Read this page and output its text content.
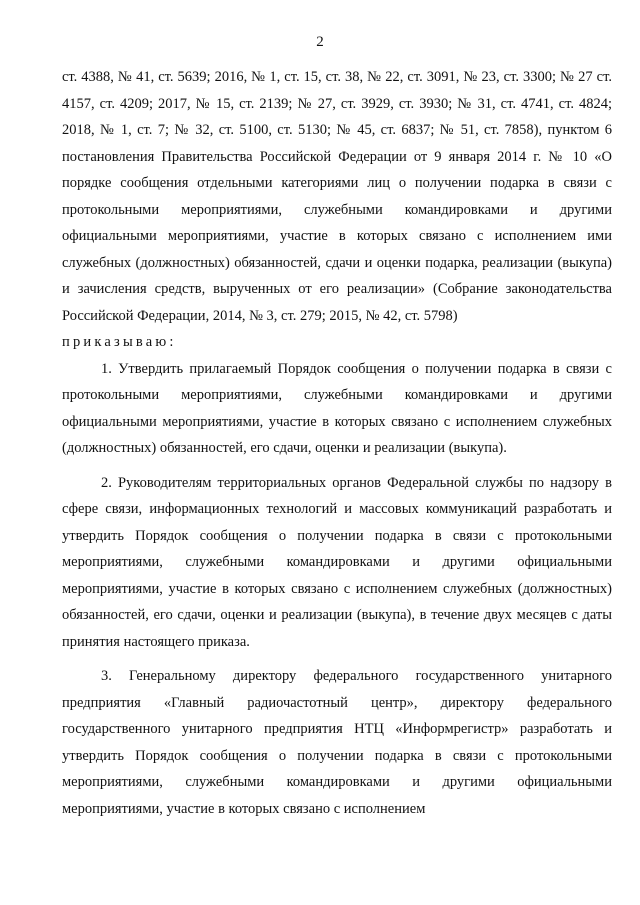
2

ст. 4388, № 41, ст. 5639; 2016, № 1, ст. 15, ст. 38, № 22, ст. 3091, № 23, ст. 3300; № 27 ст. 4157, ст. 4209; 2017, № 15, ст. 2139; № 27, ст. 3929, ст. 3930; № 31, ст. 4741, ст. 4824; 2018, № 1, ст. 7; № 32, ст. 5100, ст. 5130; № 45, ст. 6837; № 51, ст. 7858), пунктом 6 постановления Правительства Российской Федерации от 9 января 2014 г. № 10 «О порядке сообщения отдельными категориями лиц о получении подарка в связи с протокольными мероприятиями, служебными командировками и другими официальными мероприятиями, участие в которых связано с исполнением ими служебных (должностных) обязанностей, сдачи и оценки подарка, реализации (выкупа) и зачисления средств, вырученных от его реализации» (Собрание законодательства Российской Федерации, 2014, № 3, ст. 279; 2015, № 42, ст. 5798)

приказываю:

1. Утвердить прилагаемый Порядок сообщения о получении подарка в связи с протокольными мероприятиями, служебными командировками и другими официальными мероприятиями, участие в которых связано с исполнением служебных (должностных) обязанностей, его сдачи, оценки и реализации (выкупа).

2. Руководителям территориальных органов Федеральной службы по надзору в сфере связи, информационных технологий и массовых коммуникаций разработать и утвердить Порядок сообщения о получении подарка в связи с протокольными мероприятиями, служебными командировками и другими официальными мероприятиями, участие в которых связано с исполнением служебных (должностных) обязанностей, его сдачи, оценки и реализации (выкупа), в течение двух месяцев с даты принятия настоящего приказа.

3. Генеральному директору федерального государственного унитарного предприятия «Главный радиочастотный центр», директору федерального государственного унитарного предприятия НТЦ «Информрегистр» разработать и утвердить Порядок сообщения о получении подарка в связи с протокольными мероприятиями, служебными командировками и другими официальными мероприятиями, участие в которых связано с исполнением
